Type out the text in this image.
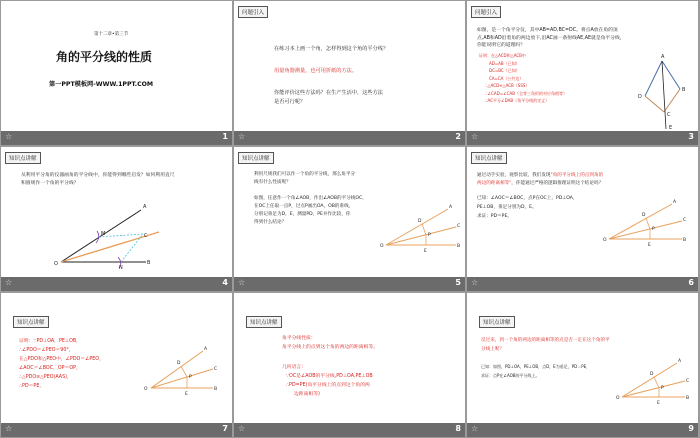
第十二章•第三节
角的平分线的性质
第一PPT模板网-WWW.1PPT.COM
☆	1
问题引入
在练习本上画一个角，怎样得到这个角的平分线？
用量角器测量，也可用折纸的方法。
你能评价这些方法吗？在生产生活中，这些方法
是否可行呢？
☆	2
问题引入
如图，是一个角平分仪，其中AB=AD,BC=DC。将点A放在角的顶
点,AB和AD沿着角的两边放下,沿AC画一条射线AE,AE就是角平分线，
你能说明它的道理吗？
证明：在△ACD和△ACB中
AD=AB（已知）
DC=BC（已知）
CA=CA（公共边）
∴△ACD≌△ACB（SSS）
∴∠CAD=∠CAB（全等三角形的对应角相等）
∴AC平分∠DAB（角平分线的定义）
A
D
B
C
E
☆	3
知识点讲解
从利用平分角的仪器画角的平分线中，你能得到哪些启发？如何利用直尺
和圆规作一个角的平分线？
M
N
C
A
B
O
☆	4
知识点讲解
利用尺规我们可以作一个角的平分线，那么角平分
线有什么性质呢？
如图，任意作一个角∠AOB，作出∠AOB的平分线OC，
在OC上任取一点P，过点P画出OA，OB的垂线，
分别记垂足为D，E，测量PD，PE并作比较，你
得到什么结论？
O
A
C
B
D
P
E
☆	5
知识点讲解
通过动手实验，观察比较，我们发现"角的平分线上的点到角的
两边的距离相等"，你能通过严格的逻辑推理证明这个结论吗？
已知：∠AOC＝∠BOC，点P在OC上，PD⊥OA，
PE⊥OB，垂足分别为D，E。
求证：PD＝PE。
O
A
C
B
D
P
E
☆	6
知识点讲解
证明：∵PD⊥OA，PE⊥OB，
∴∠PDO＝∠PEO＝90°，
在△PDO和△PEO中，∠PDO＝∠PEO，
∠AOC＝∠BOC，OP＝OP，
∴△PDO≌△PEO(AAS)，
∴PD＝PE。
O
A
C
B
D
P
E
☆	7
知识点讲解
角平分线性质：
角平分线上的点到这个角的两边的距离相等。
几何语言：
∵OC是∠AOB的平分线,PD⊥OA,PE⊥OB
∴PD=PE(角平分线上的点到这个角的两
边距离相等)
☆	8
知识点讲解
反过来，到一个角的两边的距离相等的点是否一定在这个角的平
分线上呢？
已知：如图，PD⊥OA，PE⊥OB，点D，E为垂足，PD＝PE，
求证：点P在∠AOB的平分线上。
O
A
C
B
D
P
E
☆	9
